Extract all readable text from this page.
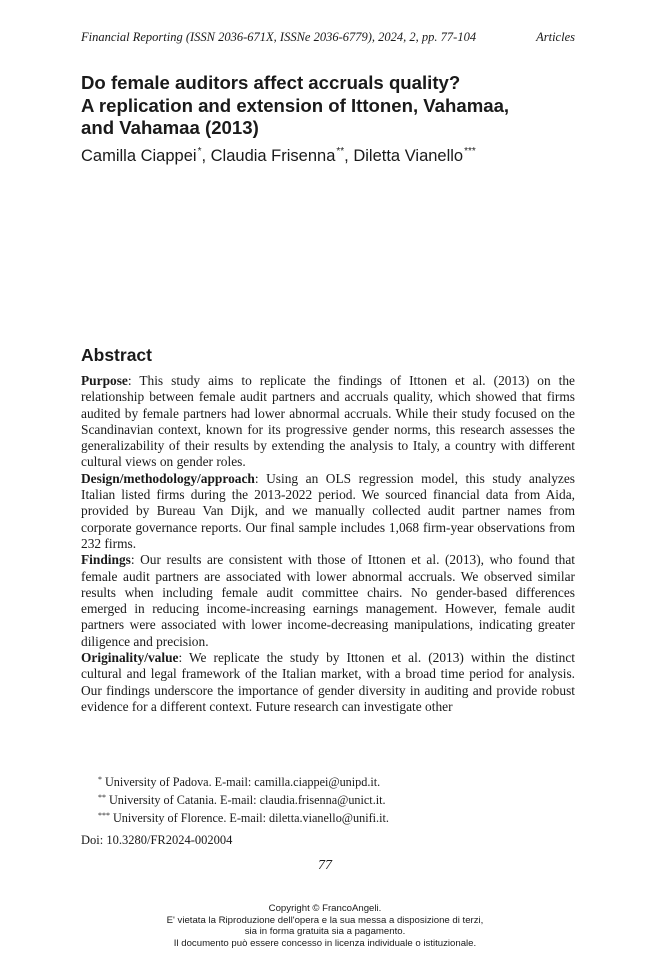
Financial Reporting (ISSN 2036-671X, ISSNe 2036-6779), 2024, 2, pp. 77-104	Articles
Do female auditors affect accruals quality?
A replication and extension of Ittonen, Vahamaa,
and Vahamaa (2013)
Camilla Ciappei*, Claudia Frisenna**, Diletta Vianello***
Abstract

Purpose: This study aims to replicate the findings of Ittonen et al. (2013) on the relationship between female audit partners and accruals quality, which showed that firms audited by female partners had lower abnormal accruals. While their study focused on the Scandinavian context, known for its progressive gender norms, this research assesses the generalizability of their results by extending the analysis to Italy, a country with different cultural views on gender roles.

Design/methodology/approach: Using an OLS regression model, this study analyzes Italian listed firms during the 2013-2022 period. We sourced financial data from Aida, provided by Bureau Van Dijk, and we manually collected audit partner names from corporate governance reports. Our final sample includes 1,068 firm-year observations from 232 firms.

Findings: Our results are consistent with those of Ittonen et al. (2013), who found that female audit partners are associated with lower abnormal accruals. We observed similar results when including female audit committee chairs. No gender-based differences emerged in reducing income-increasing earnings management. However, female audit partners were associated with lower income-decreasing manipulations, indicating greater diligence and precision.

Originality/value: We replicate the study by Ittonen et al. (2013) within the distinct cultural and legal framework of the Italian market, with a broad time period for analysis. Our findings underscore the importance of gender diversity in auditing and provide robust evidence for a different context. Future research can investigate other

* University of Padova. E-mail: camilla.ciappei@unipd.it.
** University of Catania. E-mail: claudia.frisenna@unict.it.
*** University of Florence. E-mail: diletta.vianello@unifi.it.
Doi: 10.3280/FR2024-002004
77
Copyright © FrancoAngeli.
E' vietata la Riproduzione dell'opera e la sua messa a disposizione di terzi,
sia in forma gratuita sia a pagamento.
Il documento può essere concesso in licenza individuale o istituzionale.
